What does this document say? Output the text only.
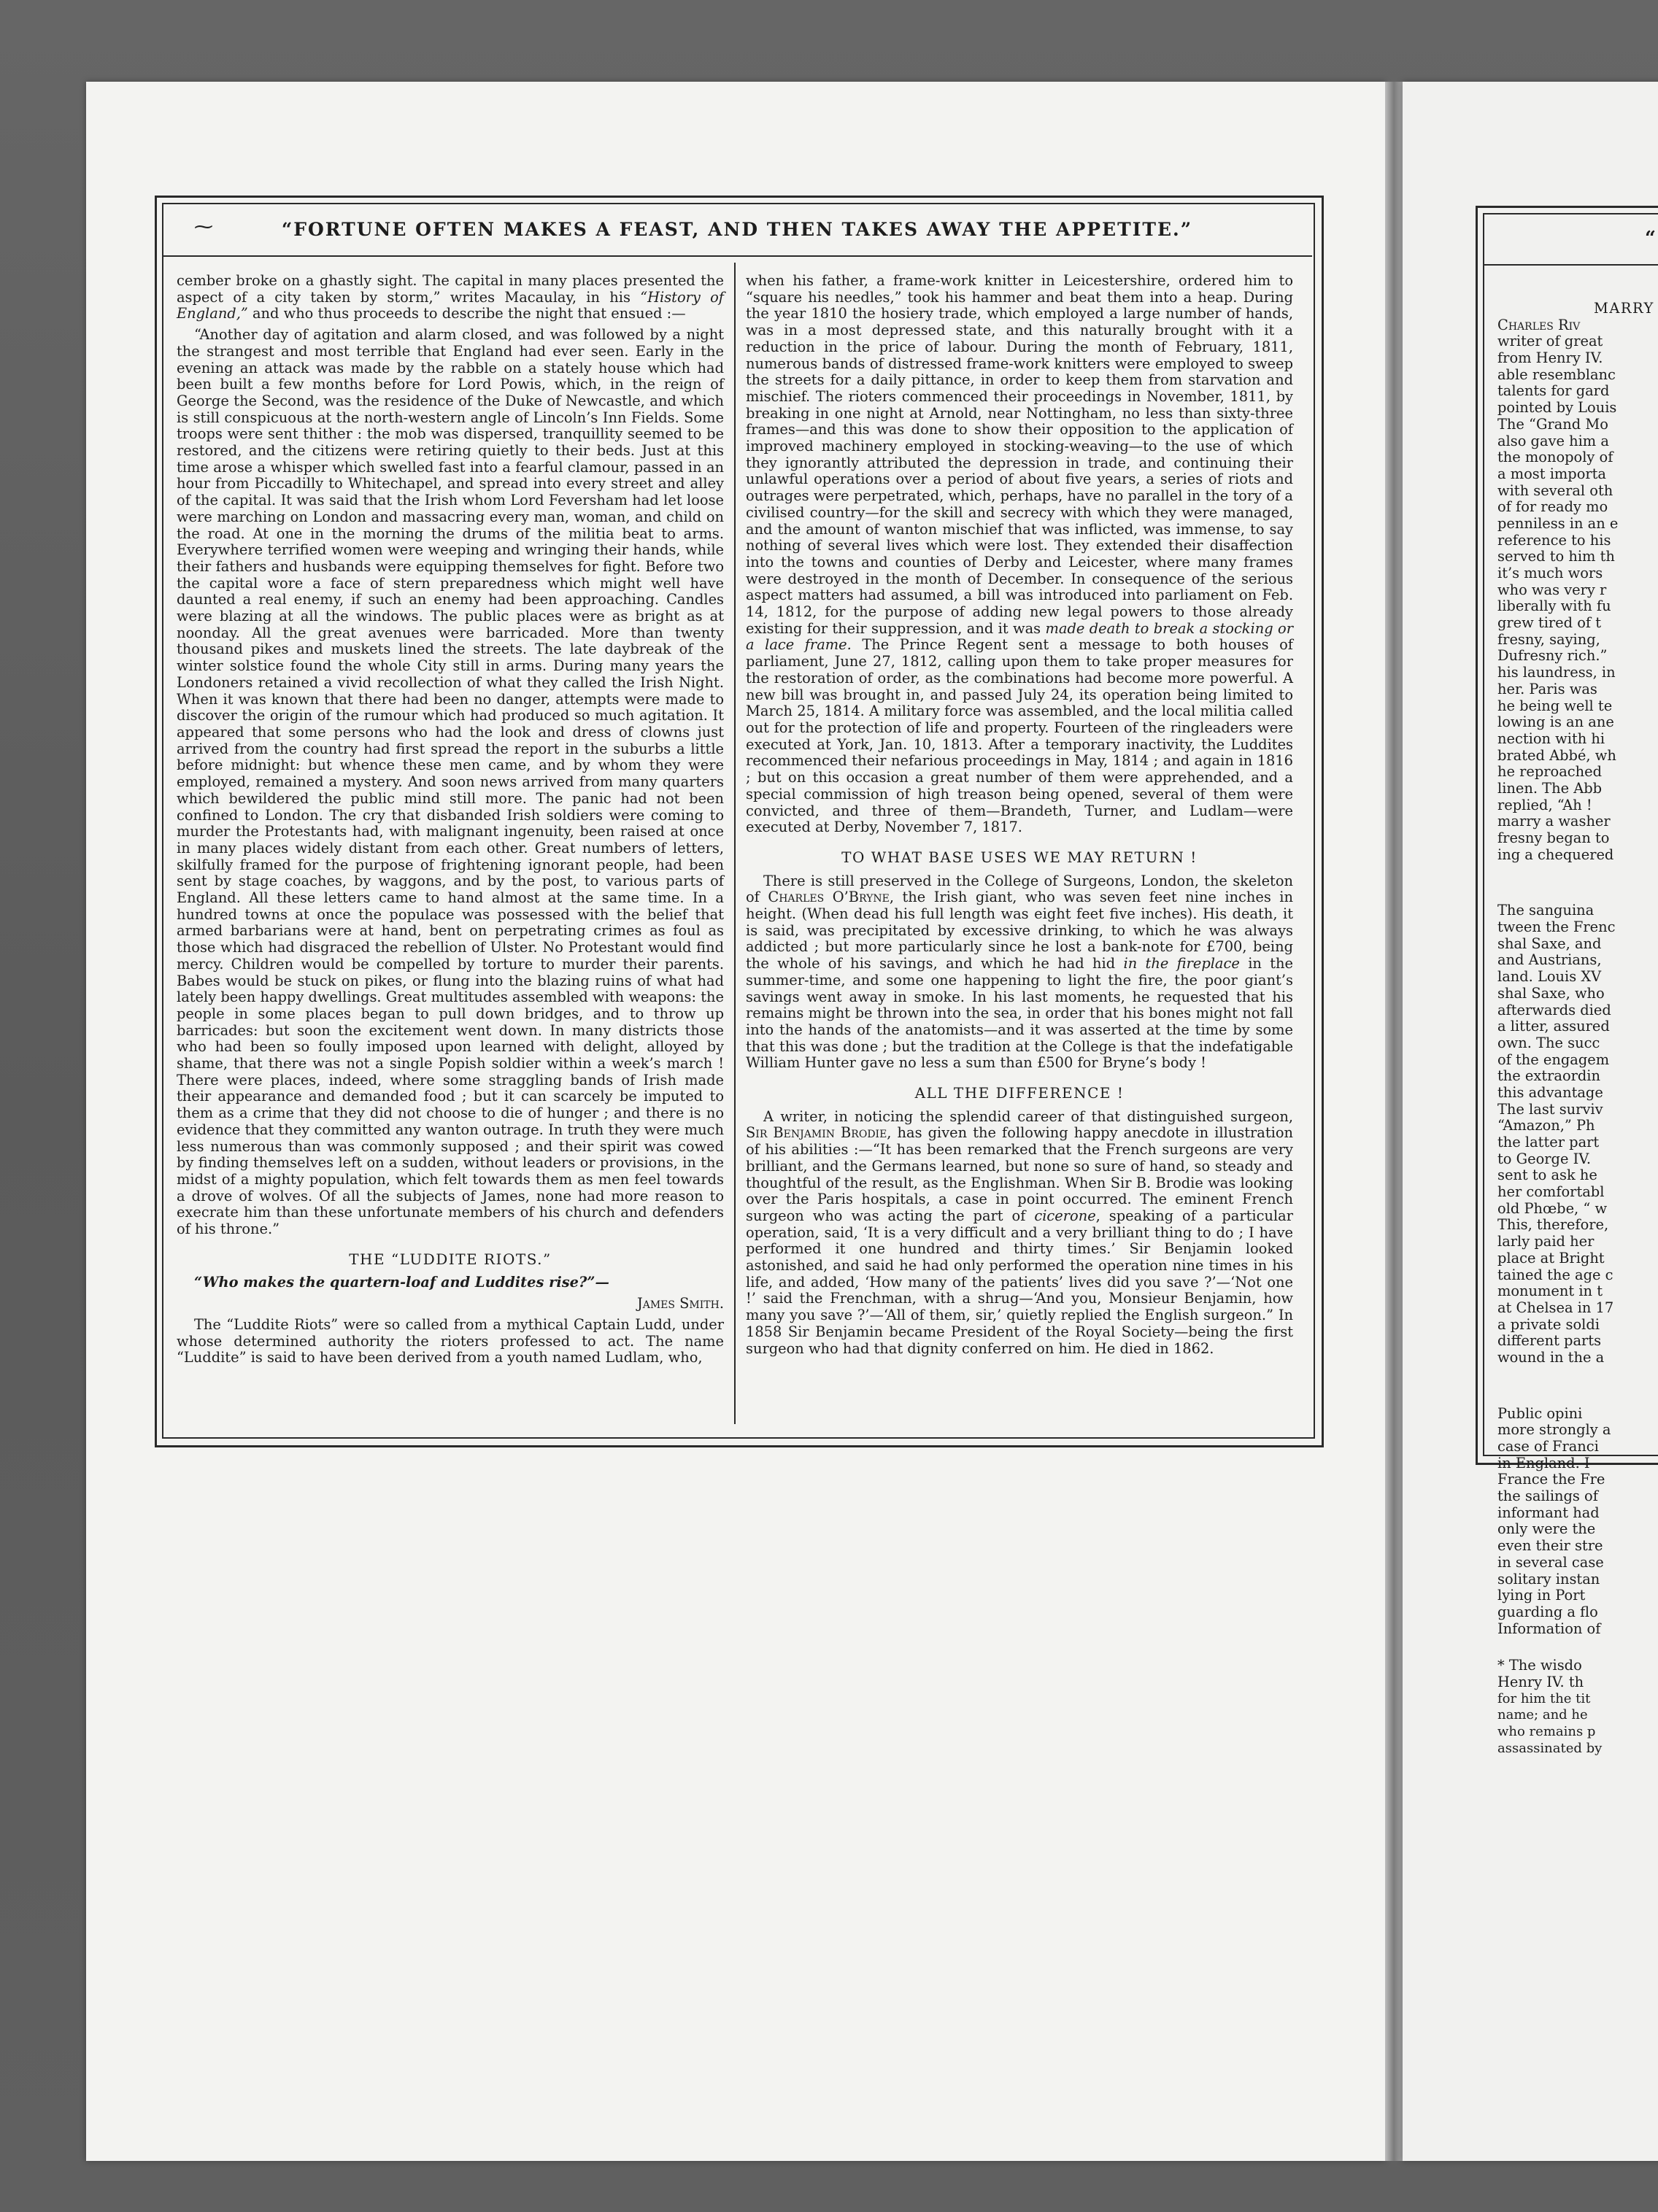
⁓	“FORTUNE OFTEN MAKES A FEAST, AND THEN TAKES AWAY THE APPETITE.”

cember broke on a ghastly sight. The capital in many places presented the aspect of a city taken by storm,” writes Macaulay, in his “History of England,” and who thus proceeds to describe the night that ensued :—

“Another day of agitation and alarm closed, and was followed by a night the strangest and most terrible that England had ever seen. Early in the evening an attack was made by the rabble on a stately house which had been built a few months before for Lord Powis, which, in the reign of George the Second, was the residence of the Duke of Newcastle, and which is still conspicuous at the north-western angle of Lincoln’s Inn Fields. Some troops were sent thither : the mob was dispersed, tranquillity seemed to be restored, and the citizens were retiring quietly to their beds. Just at this time arose a whisper which swelled fast into a fearful clamour, passed in an hour from Piccadilly to Whitechapel, and spread into every street and alley of the capital. It was said that the Irish whom Lord Feversham had let loose were marching on London and massacring every man, woman, and child on the road. At one in the morning the drums of the militia beat to arms. Everywhere terrified women were weeping and wringing their hands, while their fathers and husbands were equipping themselves for fight. Before two the capital wore a face of stern preparedness which might well have daunted a real enemy, if such an enemy had been approaching. Candles were blazing at all the windows. The public places were as bright as at noonday. All the great avenues were barricaded. More than twenty thousand pikes and muskets lined the streets. The late daybreak of the winter solstice found the whole City still in arms. During many years the Londoners retained a vivid recollection of what they called the Irish Night. When it was known that there had been no danger, attempts were made to discover the origin of the rumour which had produced so much agitation. It appeared that some persons who had the look and dress of clowns just arrived from the country had first spread the report in the suburbs a little before midnight: but whence these men came, and by whom they were employed, remained a mystery. And soon news arrived from many quarters which bewildered the public mind still more. The panic had not been confined to London. The cry that disbanded Irish soldiers were coming to murder the Protestants had, with malignant ingenuity, been raised at once in many places widely distant from each other. Great numbers of letters, skilfully framed for the purpose of frightening ignorant people, had been sent by stage coaches, by waggons, and by the post, to various parts of England. All these letters came to hand almost at the same time. In a hundred towns at once the populace was possessed with the belief that armed barbarians were at hand, bent on perpetrating crimes as foul as those which had disgraced the rebellion of Ulster. No Protestant would find mercy. Children would be compelled by torture to murder their parents. Babes would be stuck on pikes, or flung into the blazing ruins of what had lately been happy dwellings. Great multitudes assembled with weapons: the people in some places began to pull down bridges, and to throw up barricades: but soon the excitement went down. In many districts those who had been so foully imposed upon learned with delight, alloyed by shame, that there was not a single Popish soldier within a week’s march ! There were places, indeed, where some straggling bands of Irish made their appearance and demanded food ; but it can scarcely be imputed to them as a crime that they did not choose to die of hunger ; and there is no evidence that they committed any wanton outrage. In truth they were much less numerous than was commonly supposed ; and their spirit was cowed by finding themselves left on a sudden, without leaders or provisions, in the midst of a mighty population, which felt towards them as men feel towards a drove of wolves. Of all the subjects of James, none had more reason to execrate him than these unfortunate members of his church and defenders of his throne.”

THE “LUDDITE RIOTS.”

“Who makes the quartern-loaf and Luddites rise?”—

James Smith.

The “Luddite Riots” were so called from a mythical Captain Ludd, under whose determined authority the rioters professed to act. The name “Luddite” is said to have been derived from a youth named Ludlam, who,

when his father, a frame-work knitter in Leicestershire, ordered him to “square his needles,” took his hammer and beat them into a heap. During the year 1810 the hosiery trade, which employed a large number of hands, was in a most depressed state, and this naturally brought with it a reduction in the price of labour. During the month of February, 1811, numerous bands of distressed frame-work knitters were employed to sweep the streets for a daily pittance, in order to keep them from starvation and mischief. The rioters commenced their proceedings in November, 1811, by breaking in one night at Arnold, near Nottingham, no less than sixty-three frames—and this was done to show their opposition to the application of improved machinery employed in stocking-weaving—to the use of which they ignorantly attributed the depression in trade, and continuing their unlawful operations over a period of about five years, a series of riots and outrages were perpetrated, which, perhaps, have no parallel in the tory of a civilised country—for the skill and secrecy with which they were managed, and the amount of wanton mischief that was inflicted, was immense, to say nothing of several lives which were lost. They extended their disaffection into the towns and counties of Derby and Leicester, where many frames were destroyed in the month of December. In consequence of the serious aspect matters had assumed, a bill was introduced into parliament on Feb. 14, 1812, for the purpose of adding new legal powers to those already existing for their suppression, and it was made death to break a stocking or a lace frame. The Prince Regent sent a message to both houses of parliament, June 27, 1812, calling upon them to take proper measures for the restoration of order, as the combinations had become more powerful. A new bill was brought in, and passed July 24, its operation being limited to March 25, 1814. A military force was assembled, and the local militia called out for the protection of life and property. Fourteen of the ringleaders were executed at York, Jan. 10, 1813. After a temporary inactivity, the Luddites recommenced their nefarious proceedings in May, 1814 ; and again in 1816 ; but on this occasion a great number of them were apprehended, and a special commission of high treason being opened, several of them were convicted, and three of them—Brandeth, Turner, and Ludlam—were executed at Derby, November 7, 1817.

TO WHAT BASE USES WE MAY RETURN !

There is still preserved in the College of Surgeons, London, the skeleton of Charles O’Bryne, the Irish giant, who was seven feet nine inches in height. (When dead his full length was eight feet five inches). His death, it is said, was precipitated by excessive drinking, to which he was always addicted ; but more particularly since he lost a bank-note for £700, being the whole of his savings, and which he had hid in the fireplace in the summer-time, and some one happening to light the fire, the poor giant’s savings went away in smoke. In his last moments, he requested that his remains might be thrown into the sea, in order that his bones might not fall into the hands of the anatomists—and it was asserted at the time by some that this was done ; but the tradition at the College is that the indefatigable William Hunter gave no less a sum than £500 for Bryne’s body !

ALL THE DIFFERENCE !

A writer, in noticing the splendid career of that distinguished surgeon, Sir Benjamin Brodie, has given the following happy anecdote in illustration of his abilities :—“It has been remarked that the French surgeons are very brilliant, and the Germans learned, but none so sure of hand, so steady and thoughtful of the result, as the Englishman. When Sir B. Brodie was looking over the Paris hospitals, a case in point occurred. The eminent French surgeon who was acting the part of cicerone, speaking of a particular operation, said, ‘It is a very difficult and a very brilliant thing to do ; I have performed it one hundred and thirty times.’ Sir Benjamin looked astonished, and said he had only performed the operation nine times in his life, and added, ‘How many of the patients’ lives did you save ?’—‘Not one !’ said the Frenchman, with a shrug—‘And you, Monsieur Benjamin, how many you save ?’—‘All of them, sir,’ quietly replied the English surgeon.” In 1858 Sir Benjamin became President of the Royal Society—being the first surgeon who had that dignity conferred on him. He died in 1862.

“
MARRY
Charles Riv
writer of great
from Henry IV.
able resemblanc
talents for gard
pointed by Louis
The “Grand Mo
also gave him a
the monopoly of
a most importa
with several oth
of for ready mo
penniless in an e
reference to his
served to him th
it’s much wors
who was very r
liberally with fu
grew tired of t
fresny, saying,
Dufresny rich.”
his laundress, in
her. Paris was
he being well te
lowing is an ane
nection with hi
brated Abbé, wh
he reproached
linen. The Abb
replied, “Ah !
marry a washer
fresny began to
ing a chequered
The sanguina
tween the Frenc
shal Saxe, and
and Austrians,
land. Louis XV
shal Saxe, who
afterwards died
a litter, assured
own. The succ
of the engagem
the extraordin
this advantage
The last surviv
“Amazon,” Ph
the latter part
to George IV.
sent to ask he
her comfortabl
old Phœbe, “ w
This, therefore,
larly paid her
place at Bright
tained the age c
monument in t
at Chelsea in 17
a private soldi
different parts
wound in the a
Public opini
more strongly a
case of Franci
in England. I
France the Fre
the sailings of
informant had
only were the
even their stre
in several case
solitary instan
lying in Port
guarding a flo
Information of
* The wisdo
Henry IV. th
for him the tit
name; and he
who remains p
assassinated by
